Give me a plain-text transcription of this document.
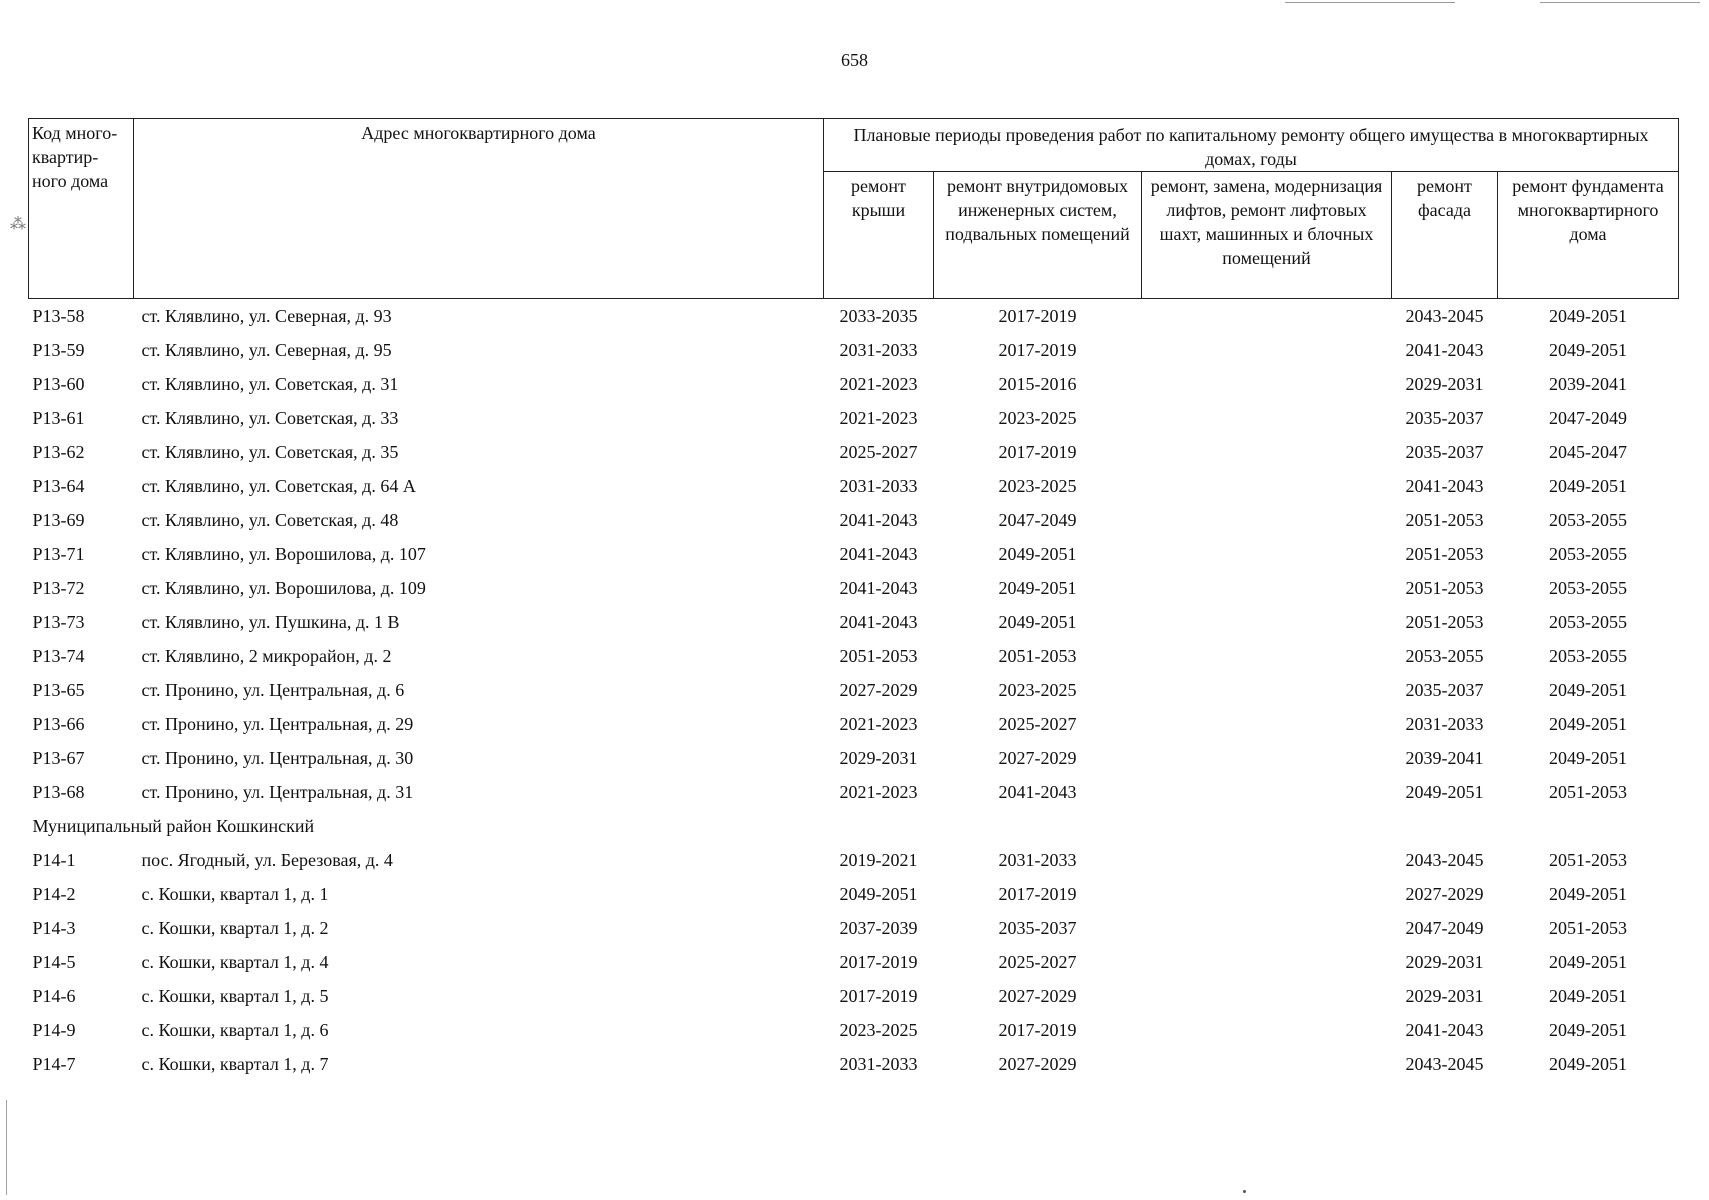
⁂
658
Код много-квартир-ного дома	Адрес многоквартирного дома	Плановые периоды проведения работ по капитальному ремонту общего имущества в многоквартирных домах, годы				
		ремонт крыши	ремонт внутридомовых инженерных систем, подвальных помещений	ремонт, замена, модернизация лифтов, ремонт лифтовых шахт, машинных и блочных помещений	ремонт фасада	ремонт фундамента многоквартирного дома
P13-58	ст. Клявлино, ул. Северная, д. 93	2033-2035	2017-2019		2043-2045	2049-2051
P13-59	ст. Клявлино, ул. Северная, д. 95	2031-2033	2017-2019		2041-2043	2049-2051
P13-60	ст. Клявлино, ул. Советская, д. 31	2021-2023	2015-2016		2029-2031	2039-2041
P13-61	ст. Клявлино, ул. Советская, д. 33	2021-2023	2023-2025		2035-2037	2047-2049
P13-62	ст. Клявлино, ул. Советская, д. 35	2025-2027	2017-2019		2035-2037	2045-2047
P13-64	ст. Клявлино, ул. Советская, д. 64 А	2031-2033	2023-2025		2041-2043	2049-2051
P13-69	ст. Клявлино, ул. Советская, д. 48	2041-2043	2047-2049		2051-2053	2053-2055
P13-71	ст. Клявлино, ул. Ворошилова, д. 107	2041-2043	2049-2051		2051-2053	2053-2055
P13-72	ст. Клявлино, ул. Ворошилова, д. 109	2041-2043	2049-2051		2051-2053	2053-2055
P13-73	ст. Клявлино, ул. Пушкина, д. 1 В	2041-2043	2049-2051		2051-2053	2053-2055
P13-74	ст. Клявлино, 2 микрорайон, д. 2	2051-2053	2051-2053		2053-2055	2053-2055
P13-65	ст. Пронино, ул. Центральная, д. 6	2027-2029	2023-2025		2035-2037	2049-2051
P13-66	ст. Пронино, ул. Центральная, д. 29	2021-2023	2025-2027		2031-2033	2049-2051
P13-67	ст. Пронино, ул. Центральная, д. 30	2029-2031	2027-2029		2039-2041	2049-2051
P13-68	ст. Пронино, ул. Центральная, д. 31	2021-2023	2041-2043		2049-2051	2051-2053
Муниципальный район Кошкинский						
P14-1	пос. Ягодный, ул. Березовая, д. 4	2019-2021	2031-2033		2043-2045	2051-2053
P14-2	с. Кошки, квартал 1, д. 1	2049-2051	2017-2019		2027-2029	2049-2051
P14-3	с. Кошки, квартал 1, д. 2	2037-2039	2035-2037		2047-2049	2051-2053
P14-5	с. Кошки, квартал 1, д. 4	2017-2019	2025-2027		2029-2031	2049-2051
P14-6	с. Кошки, квартал 1, д. 5	2017-2019	2027-2029		2029-2031	2049-2051
P14-9	с. Кошки, квартал 1, д. 6	2023-2025	2017-2019		2041-2043	2049-2051
P14-7	с. Кошки, квартал 1, д. 7	2031-2033	2027-2029		2043-2045	2049-2051
